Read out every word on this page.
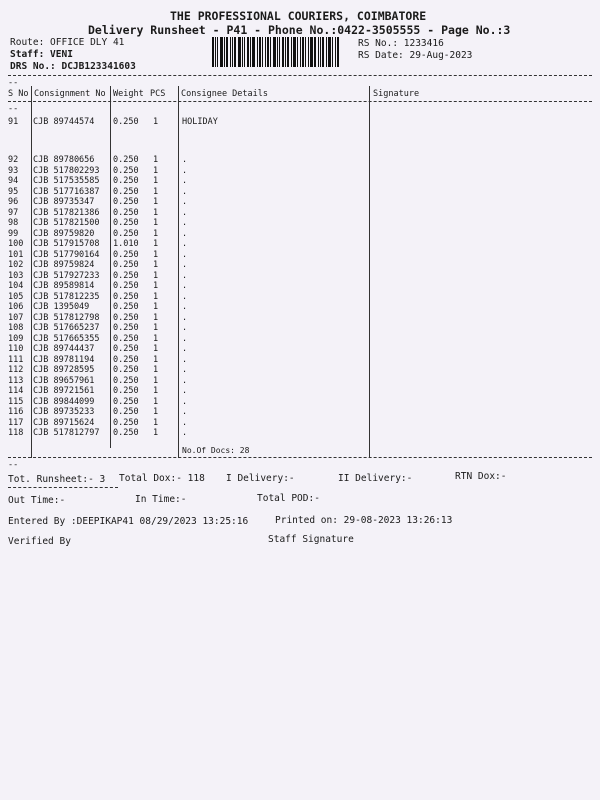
THE PROFESSIONAL COURIERS, COIMBATORE
Delivery Runsheet - P41 - Phone No.:0422-3505555 - Page No.:3
Route: OFFICE DLY 41
Staff: VENI
DRS No.: DCJB123341603
RS No.: 1233416
RS Date: 29-Aug-2023
--
S No Consignment No Weight PCS Consignee Details	Signature
--
91 CJB 89744574 0.250 1	HOLIDAY
92 CJB 89780656 0.250 1	.
93 CJB 517802293 0.250 1	.
94 CJB 517535585 0.250 1	.
95 CJB 517716387 0.250 1	.
96 CJB 89735347 0.250 1	.
97 CJB 517821386 0.250 1	.
98 CJB 517821500 0.250 1	.
99 CJB 89759820 0.250 1	.
100 CJB 517915708 1.010 1	.
101 CJB 517790164 0.250 1	.
102 CJB 89759824 0.250 1	.
103 CJB 517927233 0.250 1	.
104 CJB 89589814 0.250 1	.
105 CJB 517812235 0.250 1	.
106 CJB 1395049	0.250 1	.
107 CJB 517812798 0.250 1	.
108 CJB 517665237 0.250 1	.
109 CJB 517665355 0.250 1	.
110 CJB 89744437 0.250 1	.
111 CJB 89781194 0.250 1	.
112 CJB 89728595 0.250 1	.
113 CJB 89657961 0.250 1	.
114 CJB 89721561 0.250 1	.
115 CJB 89844099 0.250 1	.
116 CJB 89735233 0.250 1	.
117 CJB 89715624 0.250 1	.
118 CJB 517812797 0.250 1	.
No.Of Docs: 28
--
Tot. Runsheet:- 3 Total Dox:- 118 I Delivery:-	II Delivery:-	RTN Dox:-
Out Time:-	In Time:-	Total POD:-
Entered By :DEEPIKAP41 08/29/2023 13:25:16	Printed on: 29-08-2023 13:26:13
Verified By	Staff Signature
